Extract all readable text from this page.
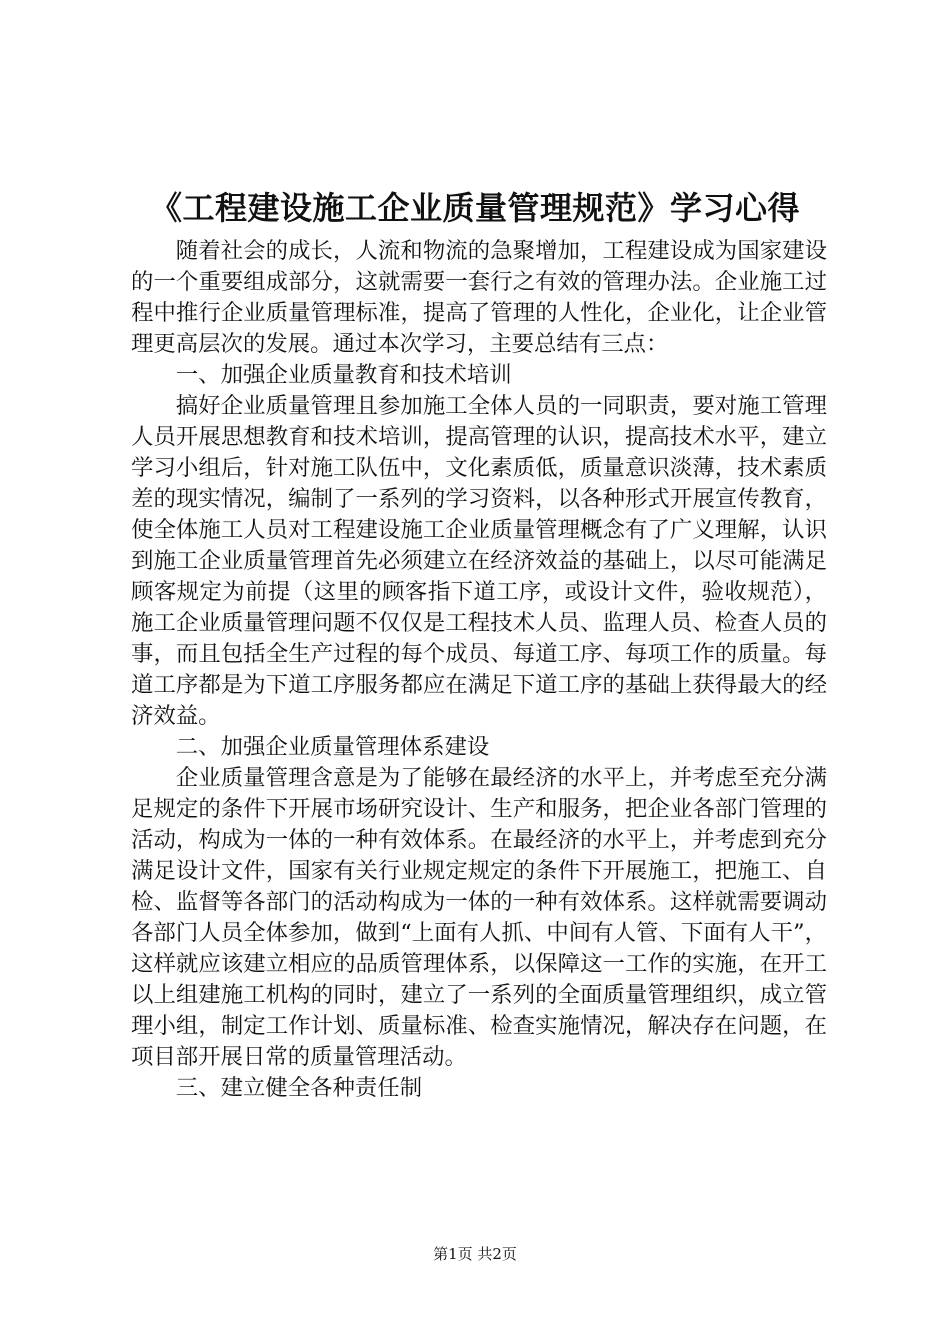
《工程建设施工企业质量管理规范》学习心得

随着社会的成长，人流和物流的急聚增加，工程建设成为国家建设的一个重要组成部分，这就需要一套行之有效的管理办法。企业施工过程中推行企业质量管理标准，提高了管理的人性化，企业化，让企业管理更高层次的发展。通过本次学习，主要总结有三点：

一、加强企业质量教育和技术培训

搞好企业质量管理且参加施工全体人员的一同职责，要对施工管理人员开展思想教育和技术培训，提高管理的认识，提高技术水平，建立学习小组后，针对施工队伍中，文化素质低，质量意识淡薄，技术素质差的现实情况，编制了一系列的学习资料，以各种形式开展宣传教育，使全体施工人员对工程建设施工企业质量管理概念有了广义理解，认识到施工企业质量管理首先必须建立在经济效益的基础上，以尽可能满足顾客规定为前提（这里的顾客指下道工序，或设计文件，验收规范），施工企业质量管理问题不仅仅是工程技术人员、监理人员、检查人员的事，而且包括全生产过程的每个成员、每道工序、每项工作的质量。每道工序都是为下道工序服务都应在满足下道工序的基础上获得最大的经济效益。

二、加强企业质量管理体系建设

企业质量管理含意是为了能够在最经济的水平上，并考虑至充分满足规定的条件下开展市场研究设计、生产和服务，把企业各部门管理的活动，构成为一体的一种有效体系。在最经济的水平上，并考虑到充分满足设计文件，国家有关行业规定规定的条件下开展施工，把施工、自检、监督等各部门的活动构成为一体的一种有效体系。这样就需要调动各部门人员全体参加，做到“上面有人抓、中间有人管、下面有人干”，这样就应该建立相应的品质管理体系，以保障这一工作的实施，在开工以上组建施工机构的同时，建立了一系列的全面质量管理组织，成立管理小组，制定工作计划、质量标准、检查实施情况，解决存在问题，在项目部开展日常的质量管理活动。

三、建立健全各种责任制

第1页 共2页
